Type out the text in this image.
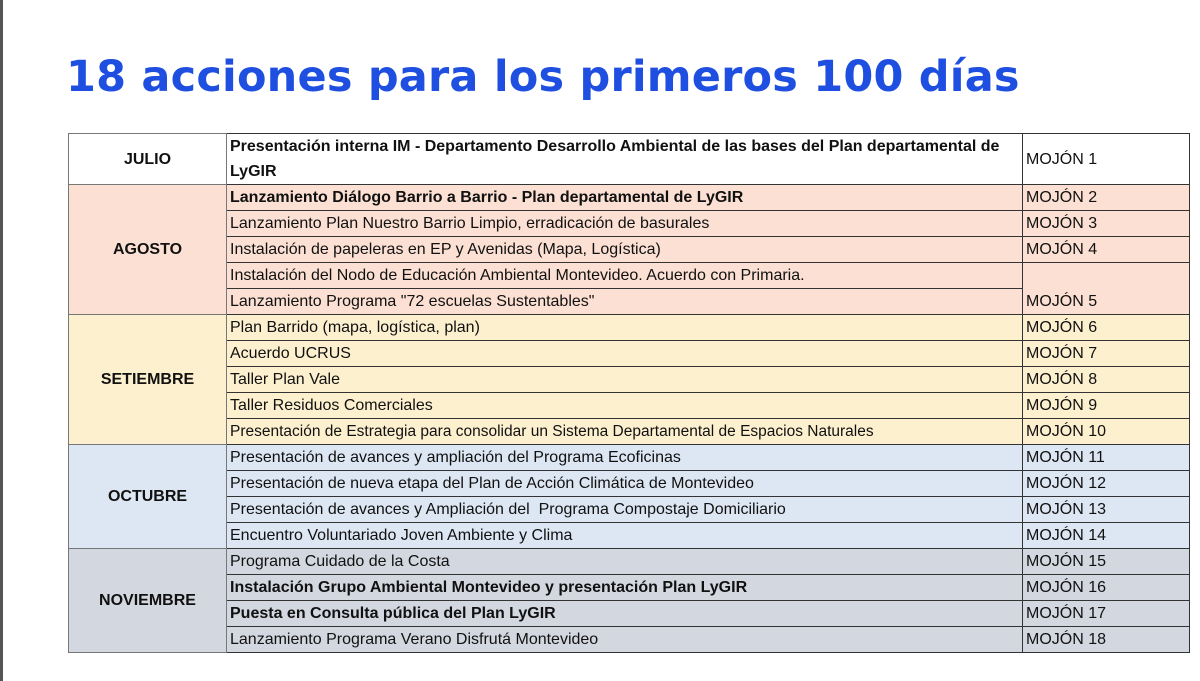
18 acciones para los primeros 100 días
JULIO	Presentación interna IM - Departamento Desarrollo Ambiental de las bases del Plan departamental de LyGIR	MOJÓN 1
AGOSTO	Lanzamiento Diálogo Barrio a Barrio - Plan departamental de LyGIR	MOJÓN 2
	Lanzamiento Plan Nuestro Barrio Limpio, erradicación de basurales	MOJÓN 3
	Instalación de papeleras en EP y Avenidas (Mapa, Logística)	MOJÓN 4
	Instalación del Nodo de Educación Ambiental Montevideo. Acuerdo con Primaria.	MOJÓN 5
	Lanzamiento Programa "72 escuelas Sustentables"	
SETIEMBRE	Plan Barrido (mapa, logística, plan)	MOJÓN 6
	Acuerdo UCRUS	MOJÓN 7
	Taller Plan Vale	MOJÓN 8
	Taller Residuos Comerciales	MOJÓN 9
	Presentación de Estrategia para consolidar un Sistema Departamental de Espacios Naturales	MOJÓN 10
OCTUBRE	Presentación de avances y ampliación del Programa Ecoficinas	MOJÓN 11
	Presentación de nueva etapa del Plan de Acción Climática de Montevideo	MOJÓN 12
	Presentación de avances y Ampliación del  Programa Compostaje Domiciliario	MOJÓN 13
	Encuentro Voluntariado Joven Ambiente y Clima	MOJÓN 14
NOVIEMBRE	Programa Cuidado de la Costa	MOJÓN 15
	Instalación Grupo Ambiental Montevideo y presentación Plan LyGIR	MOJÓN 16
	Puesta en Consulta pública del Plan LyGIR	MOJÓN 17
	Lanzamiento Programa Verano Disfrutá Montevideo	MOJÓN 18
